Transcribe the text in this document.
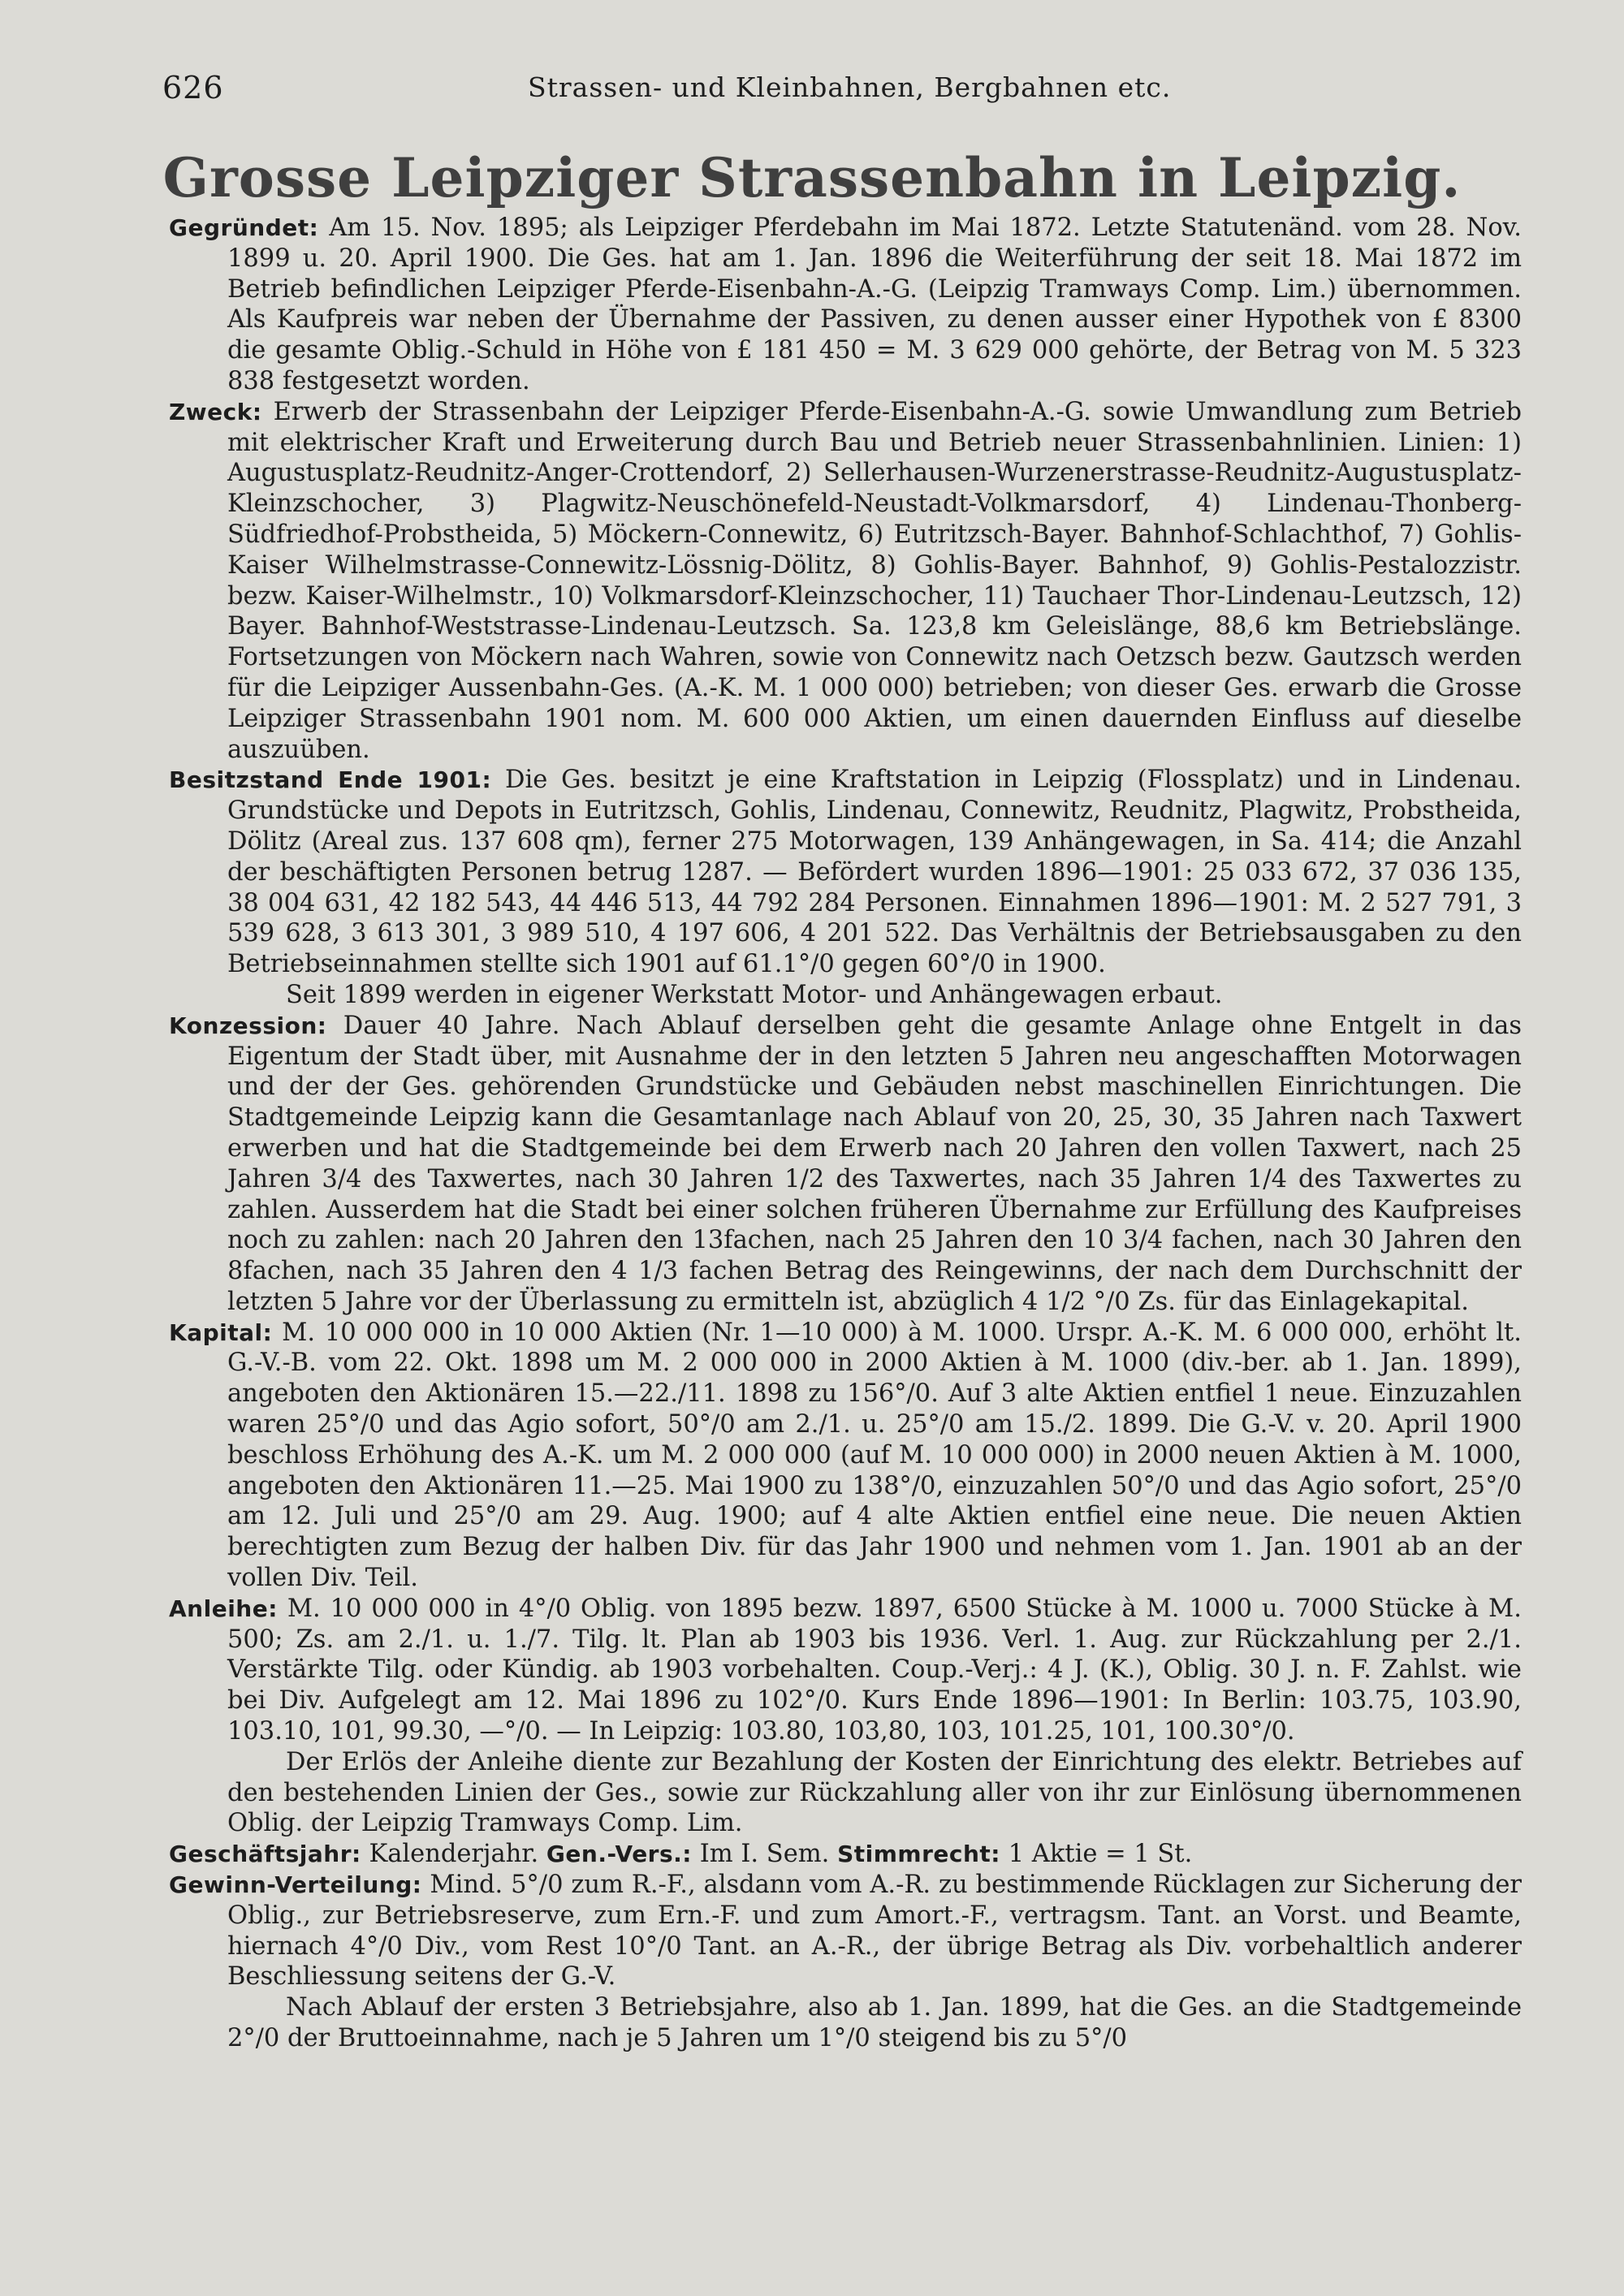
626	Strassen- und Kleinbahnen, Bergbahnen etc.
Grosse Leipziger Strassenbahn in Leipzig.

Gegründet: Am 15. Nov. 1895; als Leipziger Pferdebahn im Mai 1872. Letzte Statutenänd. vom 28. Nov. 1899 u. 20. April 1900. Die Ges. hat am 1. Jan. 1896 die Weiterführung der seit 18. Mai 1872 im Betrieb befindlichen Leipziger Pferde-Eisenbahn-A.-G. (Leipzig Tramways Comp. Lim.) übernommen. Als Kaufpreis war neben der Übernahme der Passiven, zu denen ausser einer Hypothek von £ 8300 die gesamte Oblig.-Schuld in Höhe von £ 181 450 = M. 3 629 000 gehörte, der Betrag von M. 5 323 838 festgesetzt worden.

Zweck: Erwerb der Strassenbahn der Leipziger Pferde-Eisenbahn-A.-G. sowie Umwandlung zum Betrieb mit elektrischer Kraft und Erweiterung durch Bau und Betrieb neuer Strassenbahnlinien. Linien: 1) Augustusplatz-Reudnitz-Anger-Crottendorf, 2) Sellerhausen-Wurzenerstrasse-Reudnitz-Augustusplatz-Kleinzschocher, 3) Plagwitz-Neuschönefeld-Neustadt-Volkmarsdorf, 4) Lindenau-Thonberg-Südfriedhof-Probstheida, 5) Möckern-Connewitz, 6) Eutritzsch-Bayer. Bahnhof-Schlachthof, 7) Gohlis-Kaiser Wilhelmstrasse-Connewitz-Lössnig-Dölitz, 8) Gohlis-Bayer. Bahnhof, 9) Gohlis-Pestalozzistr. bezw. Kaiser-Wilhelmstr., 10) Volkmarsdorf-Kleinzschocher, 11) Tauchaer Thor-Lindenau-Leutzsch, 12) Bayer. Bahnhof-Weststrasse-Lindenau-Leutzsch. Sa. 123,8 km Geleislänge, 88,6 km Betriebslänge. Fortsetzungen von Möckern nach Wahren, sowie von Connewitz nach Oetzsch bezw. Gautzsch werden für die Leipziger Aussenbahn-Ges. (A.-K. M. 1 000 000) betrieben; von dieser Ges. erwarb die Grosse Leipziger Strassenbahn 1901 nom. M. 600 000 Aktien, um einen dauernden Einfluss auf dieselbe auszuüben.

Besitzstand Ende 1901: Die Ges. besitzt je eine Kraftstation in Leipzig (Flossplatz) und in Lindenau. Grundstücke und Depots in Eutritzsch, Gohlis, Lindenau, Connewitz, Reudnitz, Plagwitz, Probstheida, Dölitz (Areal zus. 137 608 qm), ferner 275 Motorwagen, 139 Anhängewagen, in Sa. 414; die Anzahl der beschäftigten Personen betrug 1287. — Befördert wurden 1896—1901: 25 033 672, 37 036 135, 38 004 631, 42 182 543, 44 446 513, 44 792 284 Personen. Einnahmen 1896—1901: M. 2 527 791, 3 539 628, 3 613 301, 3 989 510, 4 197 606, 4 201 522. Das Verhältnis der Betriebsausgaben zu den Betriebseinnahmen stellte sich 1901 auf 61.1°/0 gegen 60°/0 in 1900.

Seit 1899 werden in eigener Werkstatt Motor- und Anhängewagen erbaut.

Konzession: Dauer 40 Jahre. Nach Ablauf derselben geht die gesamte Anlage ohne Entgelt in das Eigentum der Stadt über, mit Ausnahme der in den letzten 5 Jahren neu angeschafften Motorwagen und der der Ges. gehörenden Grundstücke und Gebäuden nebst maschinellen Einrichtungen. Die Stadtgemeinde Leipzig kann die Gesamtanlage nach Ablauf von 20, 25, 30, 35 Jahren nach Taxwert erwerben und hat die Stadtgemeinde bei dem Erwerb nach 20 Jahren den vollen Taxwert, nach 25 Jahren 3/4 des Taxwertes, nach 30 Jahren 1/2 des Taxwertes, nach 35 Jahren 1/4 des Taxwertes zu zahlen. Ausserdem hat die Stadt bei einer solchen früheren Übernahme zur Erfüllung des Kaufpreises noch zu zahlen: nach 20 Jahren den 13fachen, nach 25 Jahren den 10 3/4 fachen, nach 30 Jahren den 8fachen, nach 35 Jahren den 4 1/3 fachen Betrag des Reingewinns, der nach dem Durchschnitt der letzten 5 Jahre vor der Überlassung zu ermitteln ist, abzüglich 4 1/2 °/0 Zs. für das Einlagekapital.

Kapital: M. 10 000 000 in 10 000 Aktien (Nr. 1—10 000) à M. 1000. Urspr. A.-K. M. 6 000 000, erhöht lt. G.-V.-B. vom 22. Okt. 1898 um M. 2 000 000 in 2000 Aktien à M. 1000 (div.-ber. ab 1. Jan. 1899), angeboten den Aktionären 15.—22./11. 1898 zu 156°/0. Auf 3 alte Aktien entfiel 1 neue. Einzuzahlen waren 25°/0 und das Agio sofort, 50°/0 am 2./1. u. 25°/0 am 15./2. 1899. Die G.-V. v. 20. April 1900 beschloss Erhöhung des A.-K. um M. 2 000 000 (auf M. 10 000 000) in 2000 neuen Aktien à M. 1000, angeboten den Aktionären 11.—25. Mai 1900 zu 138°/0, einzuzahlen 50°/0 und das Agio sofort, 25°/0 am 12. Juli und 25°/0 am 29. Aug. 1900; auf 4 alte Aktien entfiel eine neue. Die neuen Aktien berechtigten zum Bezug der halben Div. für das Jahr 1900 und nehmen vom 1. Jan. 1901 ab an der vollen Div. Teil.

Anleihe: M. 10 000 000 in 4°/0 Oblig. von 1895 bezw. 1897, 6500 Stücke à M. 1000 u. 7000 Stücke à M. 500; Zs. am 2./1. u. 1./7. Tilg. lt. Plan ab 1903 bis 1936. Verl. 1. Aug. zur Rückzahlung per 2./1. Verstärkte Tilg. oder Kündig. ab 1903 vorbehalten. Coup.-Verj.: 4 J. (K.), Oblig. 30 J. n. F. Zahlst. wie bei Div. Aufgelegt am 12. Mai 1896 zu 102°/0. Kurs Ende 1896—1901: In Berlin: 103.75, 103.90, 103.10, 101, 99.30, —°/0. — In Leipzig: 103.80, 103,80, 103, 101.25, 101, 100.30°/0.

Der Erlös der Anleihe diente zur Bezahlung der Kosten der Einrichtung des elektr. Betriebes auf den bestehenden Linien der Ges., sowie zur Rückzahlung aller von ihr zur Einlösung übernommenen Oblig. der Leipzig Tramways Comp. Lim.

Geschäftsjahr: Kalenderjahr. Gen.-Vers.: Im I. Sem. Stimmrecht: 1 Aktie = 1 St.

Gewinn-Verteilung: Mind. 5°/0 zum R.-F., alsdann vom A.-R. zu bestimmende Rücklagen zur Sicherung der Oblig., zur Betriebsreserve, zum Ern.-F. und zum Amort.-F., vertragsm. Tant. an Vorst. und Beamte, hiernach 4°/0 Div., vom Rest 10°/0 Tant. an A.-R., der übrige Betrag als Div. vorbehaltlich anderer Beschliessung seitens der G.-V.

Nach Ablauf der ersten 3 Betriebsjahre, also ab 1. Jan. 1899, hat die Ges. an die Stadtgemeinde 2°/0 der Bruttoeinnahme, nach je 5 Jahren um 1°/0 steigend bis zu 5°/0
